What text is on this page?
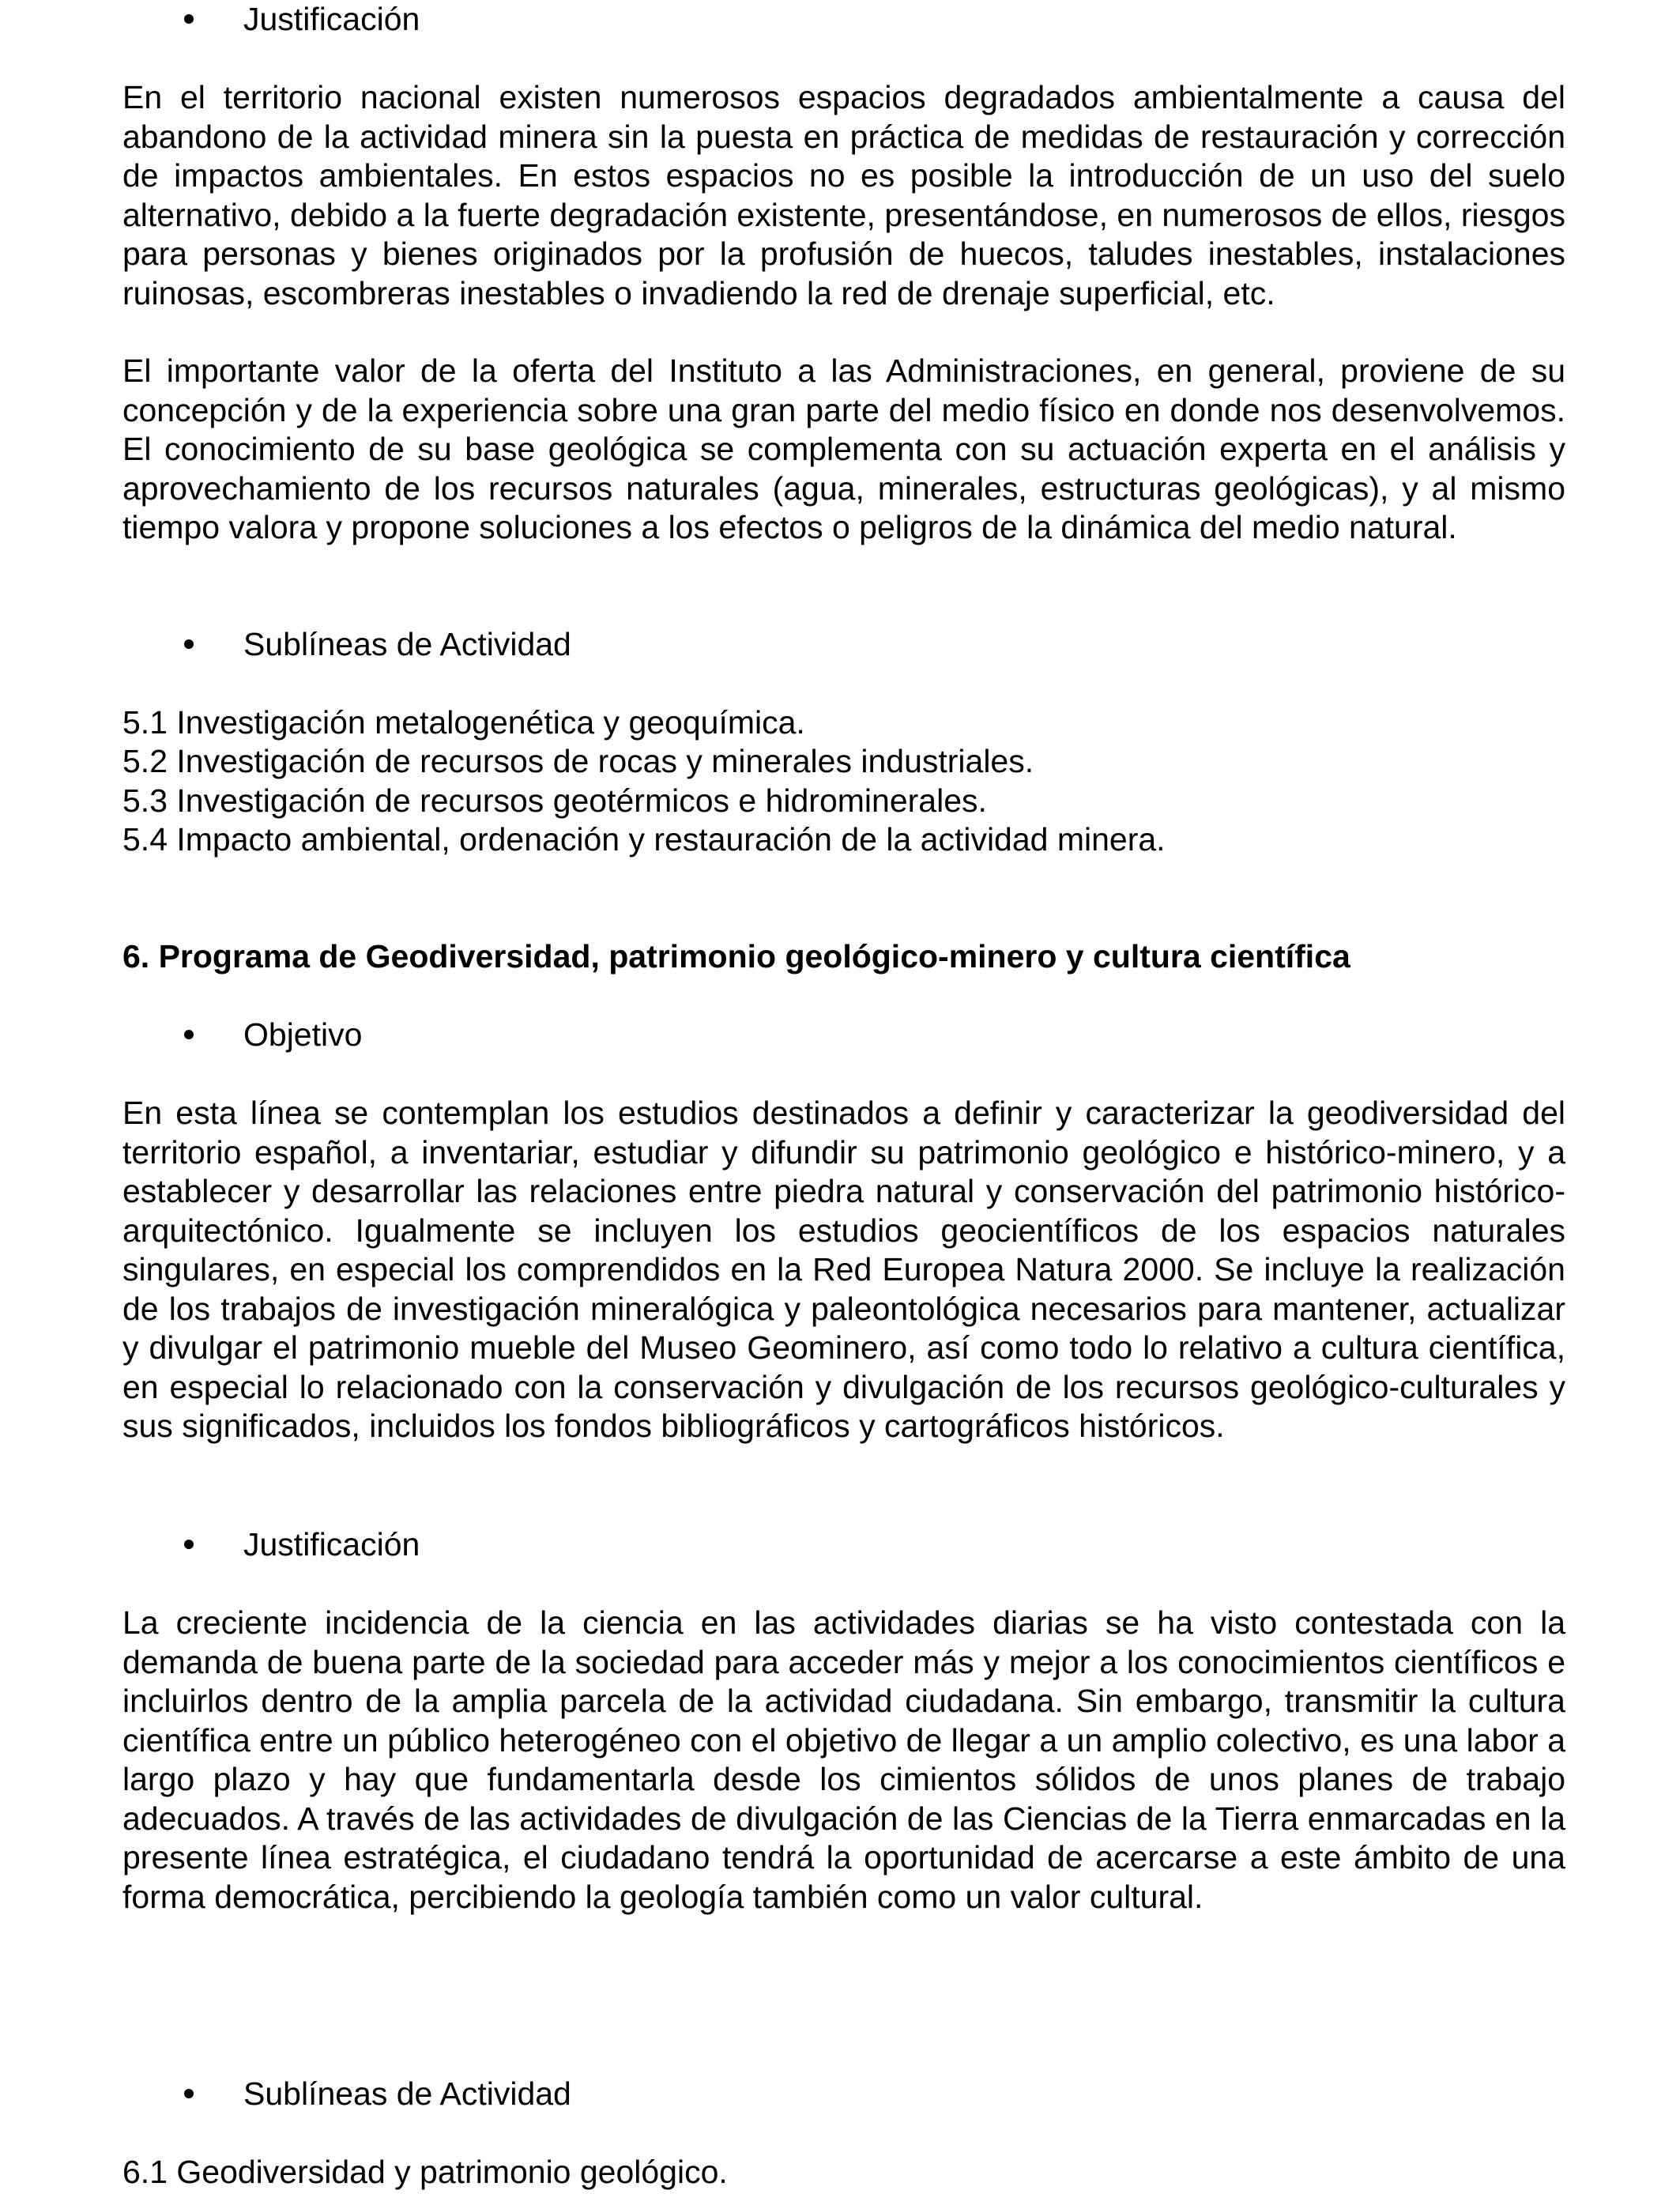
Justificación

En el territorio nacional existen numerosos espacios degradados ambientalmente a causa del abandono de la actividad minera sin la puesta en práctica de medidas de restauración y corrección de impactos ambientales. En estos espacios no es posible la introducción de un uso del suelo alternativo, debido a la fuerte degradación existente, presentándose, en numerosos de ellos, riesgos para personas y bienes originados por la profusión de huecos, taludes inestables, instalaciones ruinosas, escombreras inestables o invadiendo la red de drenaje superficial, etc.

El importante valor de la oferta del Instituto a las Administraciones, en general, proviene de su concepción y de la experiencia sobre una gran parte del medio físico en donde nos desenvolvemos. El conocimiento de su base geológica se complementa con su actuación experta en el análisis y aprovechamiento de los recursos naturales (agua, minerales, estructuras geológicas), y al mismo tiempo valora y propone soluciones a los efectos o peligros de la dinámica del medio natural.

Sublíneas de Actividad
5.1 Investigación metalogenética y geoquímica.
5.2 Investigación de recursos de rocas y minerales industriales.
5.3 Investigación de recursos geotérmicos e hidrominerales.
5.4 Impacto ambiental, ordenación y restauración de la actividad minera.
6. Programa de Geodiversidad, patrimonio geológico-minero y cultura científica
Objetivo

En esta línea se contemplan los estudios destinados a definir y caracterizar la geodiversidad del territorio español, a inventariar, estudiar y difundir su patrimonio geológico e histórico-minero, y a establecer y desarrollar las relaciones entre piedra natural y conservación del patrimonio histórico-arquitectónico. Igualmente se incluyen los estudios geocientíficos de los espacios naturales singulares, en especial los comprendidos en la Red Europea Natura 2000. Se incluye la realización de los trabajos de investigación mineralógica y paleontológica necesarios para mantener, actualizar y divulgar el patrimonio mueble del Museo Geominero, así como todo lo relativo a cultura científica, en especial lo relacionado con la conservación y divulgación de los recursos geológico-culturales y sus significados, incluidos los fondos bibliográficos y cartográficos históricos.

Justificación

La creciente incidencia de la ciencia en las actividades diarias se ha visto contestada con la demanda de buena parte de la sociedad para acceder más y mejor a los conocimientos científicos e incluirlos dentro de la amplia parcela de la actividad ciudadana. Sin embargo, transmitir la cultura científica entre un público heterogéneo con el objetivo de llegar a un amplio colectivo, es una labor a largo plazo y hay que fundamentarla desde los cimientos sólidos de unos planes de trabajo adecuados. A través de las actividades de divulgación de las Ciencias de la Tierra enmarcadas en la presente línea estratégica, el ciudadano tendrá la oportunidad de acercarse a este ámbito de una forma democrática, percibiendo la geología también como un valor cultural.

Sublíneas de Actividad
6.1 Geodiversidad y patrimonio geológico.
